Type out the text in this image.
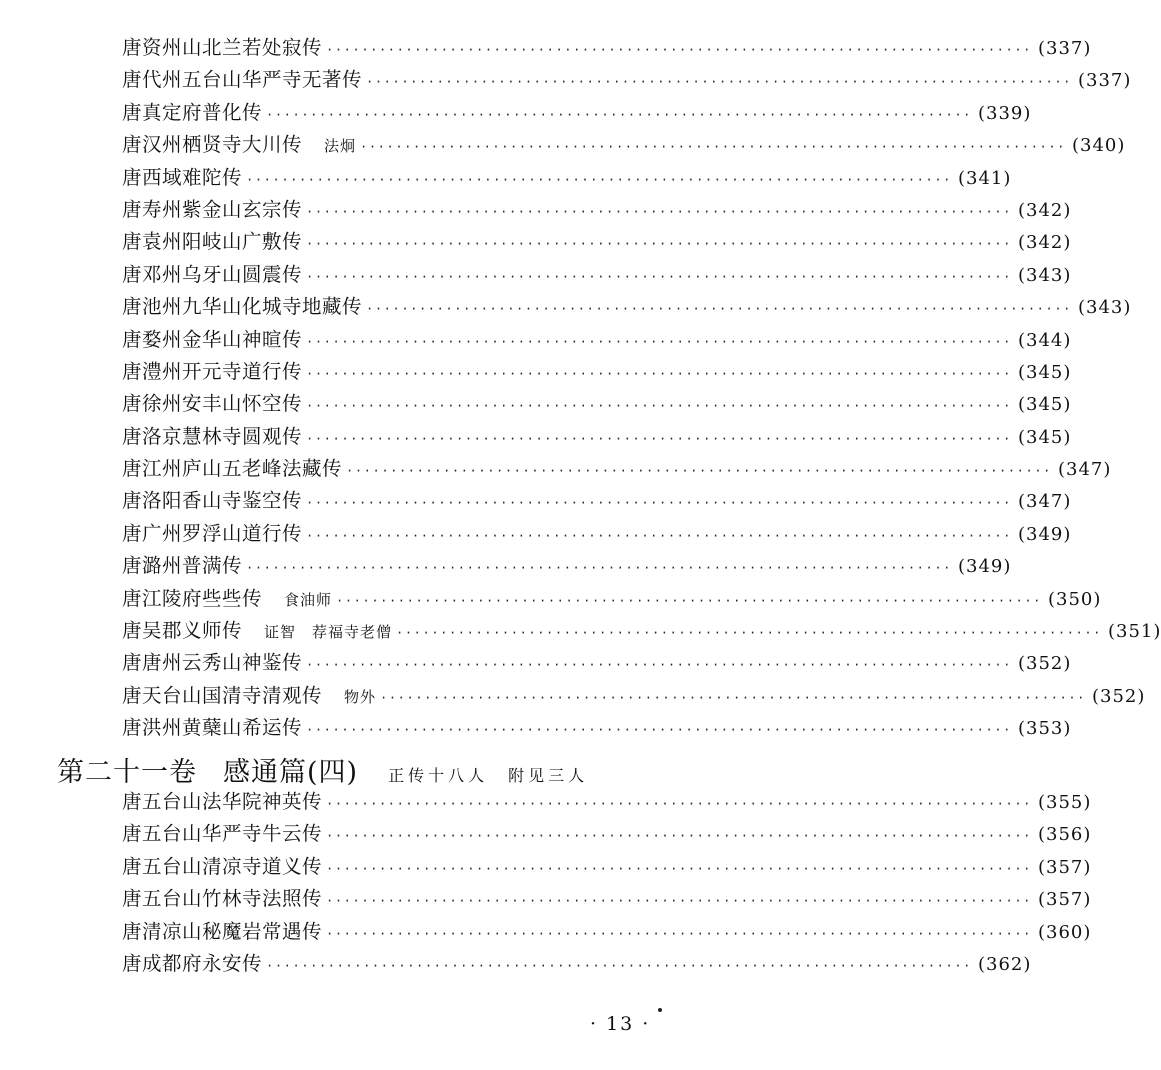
唐资州山北兰若处寂传 ················································································ (337)
唐代州五台山华严寺无著传 ················································································ (337)
唐真定府普化传 ················································································ (339)
唐汉州栖贤寺大川传 法炯 ················································································ (340)
唐西域难陀传 ················································································ (341)
唐寿州紫金山玄宗传 ················································································ (342)
唐袁州阳岐山广敷传 ················································································ (342)
唐邓州乌牙山圆震传 ················································································ (343)
唐池州九华山化城寺地藏传 ················································································ (343)
唐婺州金华山神暄传 ················································································ (344)
唐澧州开元寺道行传 ················································································ (345)
唐徐州安丰山怀空传 ················································································ (345)
唐洛京慧林寺圆观传 ················································································ (345)
唐江州庐山五老峰法藏传 ················································································ (347)
唐洛阳香山寺鉴空传 ················································································ (347)
唐广州罗浮山道行传 ················································································ (349)
唐潞州普满传 ················································································ (349)
唐江陵府些些传 食油师 ················································································ (350)
唐吴郡义师传 证智　荐福寺老僧 ················································································ (351)
唐唐州云秀山神鉴传 ················································································ (352)
唐天台山国清寺清观传 物外 ················································································ (352)
唐洪州黄蘖山希运传 ················································································ (353)
第二十一卷 感通篇(四) 正传十八人　附见三人
唐五台山法华院神英传 ················································································ (355)
唐五台山华严寺牛云传 ················································································ (356)
唐五台山清凉寺道义传 ················································································ (357)
唐五台山竹林寺法照传 ················································································ (357)
唐清凉山秘魔岩常遇传 ················································································ (360)
唐成都府永安传 ················································································ (362)
· 13 ·
